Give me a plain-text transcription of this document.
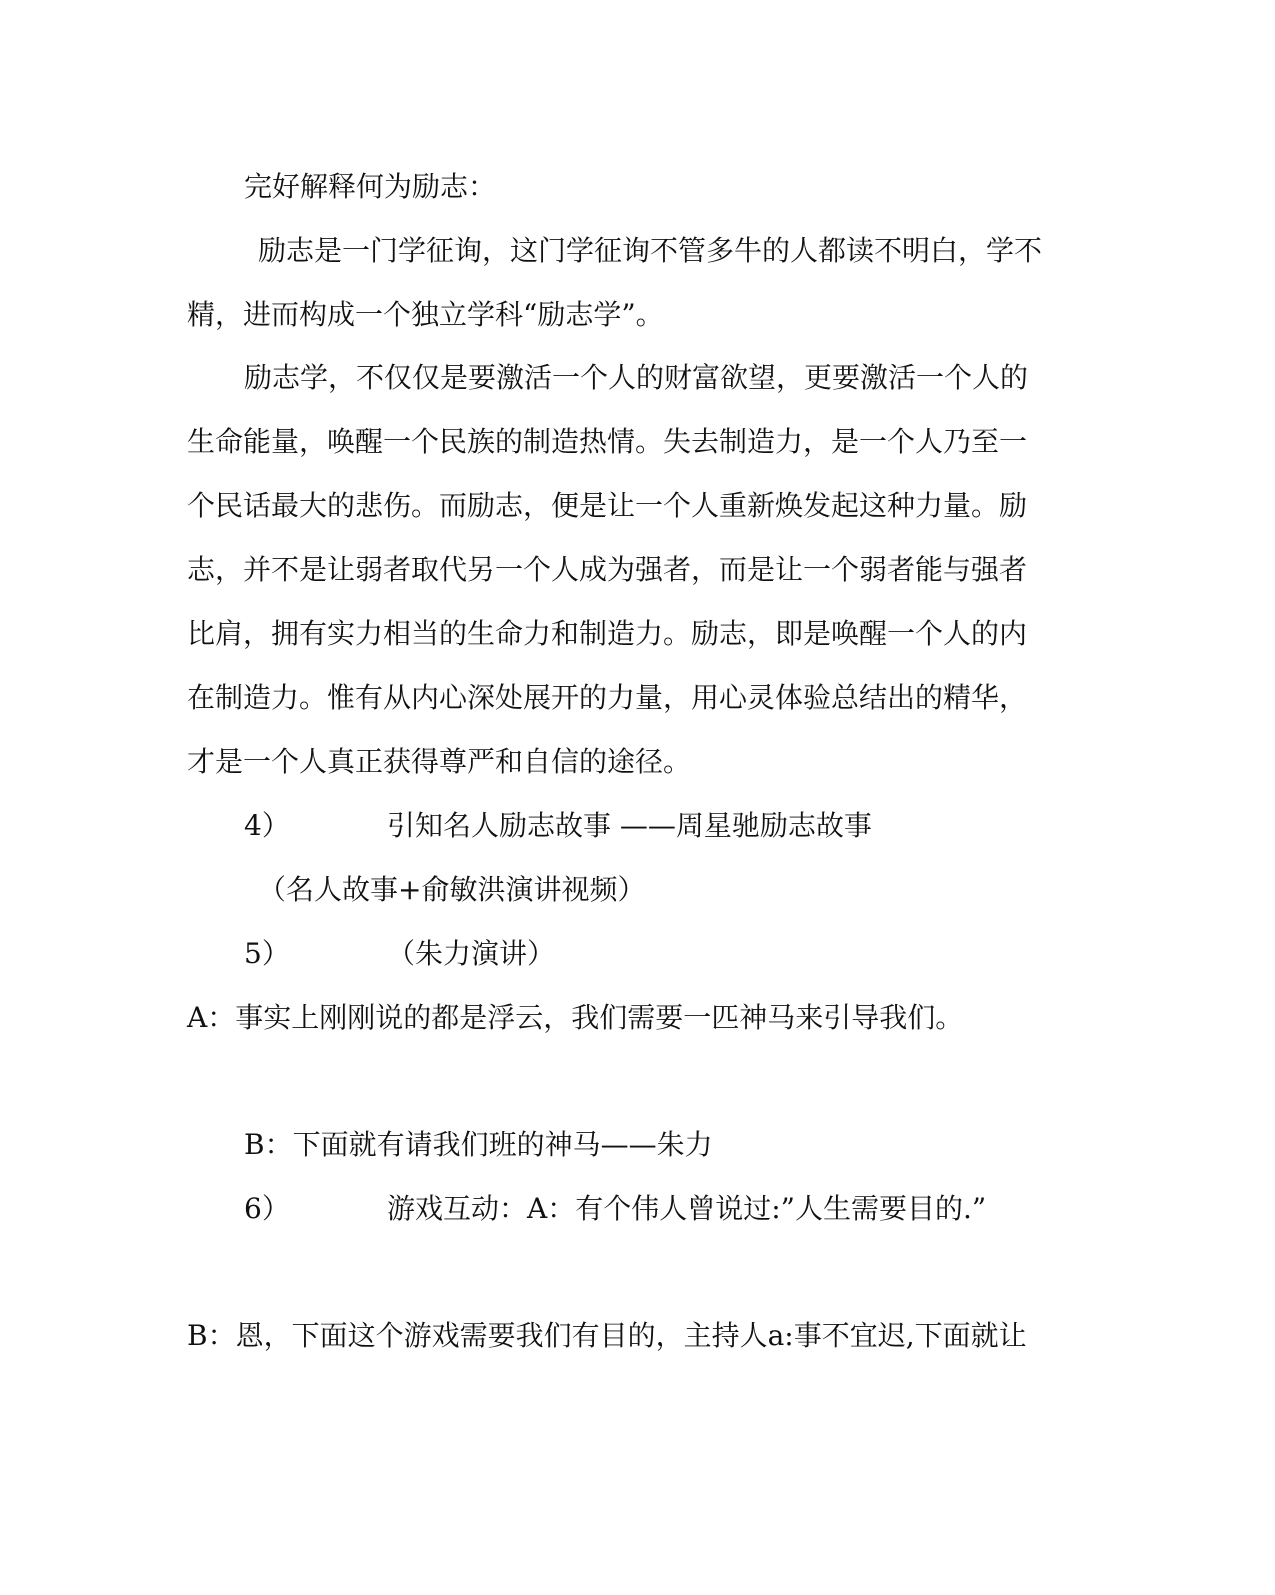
完好解释何为励志：
励志是一门学征询，这门学征询不管多牛的人都读不明白，学不
精，进而构成一个独立学科“励志学”。
励志学，不仅仅是要激活一个人的财富欲望，更要激活一个人的
生命能量，唤醒一个民族的制造热情。失去制造力，是一个人乃至一
个民话最大的悲伤。而励志，便是让一个人重新焕发起这种力量。励
志，并不是让弱者取代另一个人成为强者，而是让一个弱者能与强者
比肩，拥有实力相当的生命力和制造力。励志，即是唤醒一个人的内
在制造力。惟有从内心深处展开的力量，用心灵体验总结出的精华，
才是一个人真正获得尊严和自信的途径。
4）	引知名人励志故事 ——周星驰励志故事
（名人故事+俞敏洪演讲视频）
5）	（朱力演讲）
A：事实上刚刚说的都是浮云，我们需要一匹神马来引导我们。
B：下面就有请我们班的神马——朱力
6）	游戏互动：A：有个伟人曾说过:”人生需要目的.”
B：恩，下面这个游戏需要我们有目的，主持人a:事不宜迟,下面就让
